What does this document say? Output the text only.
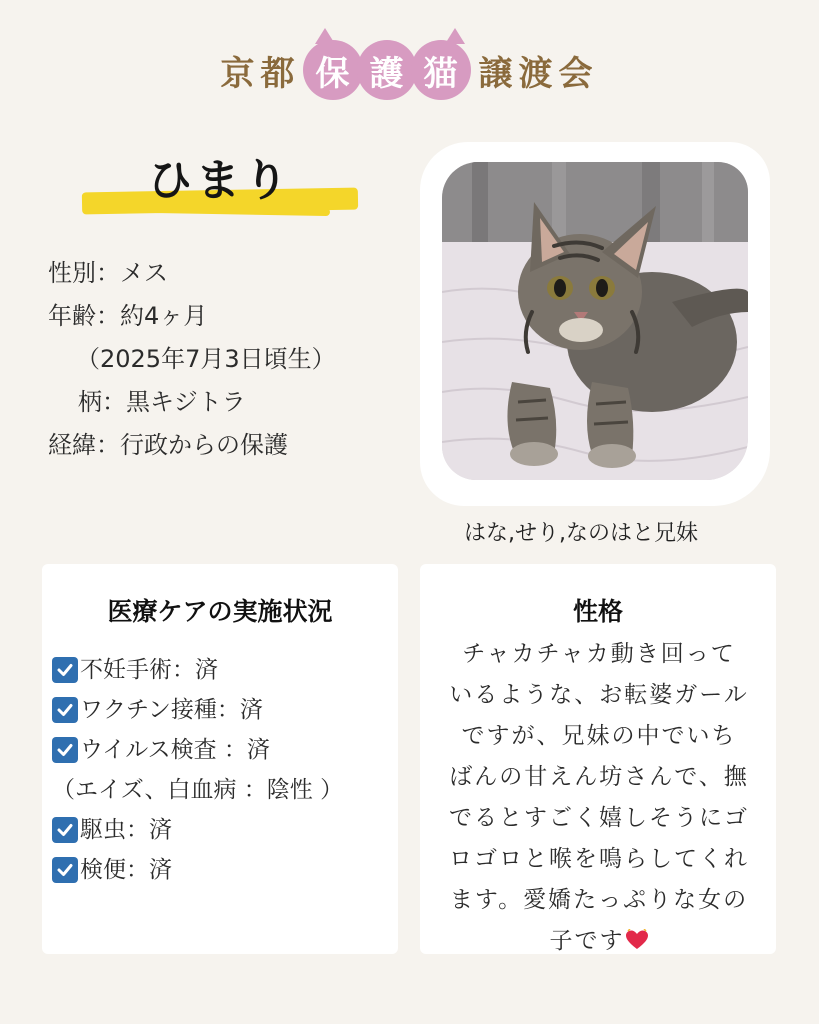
京都 保 護 猫 譲渡会
ひまり
性別：メス
年齢：約4ヶ月
（2025年7月3日頃生）
柄：黒キジトラ
経緯：行政からの保護
はな,せり,なのはと兄妹
医療ケアの実施状況
不妊手術：済
ワクチン接種：済
ウイルス検査 ：済
（エイズ、白血病 ：陰性 ）
駆虫：済
検便：済
性格
チャカチャカ動き回って
いるような、お転婆ガール
ですが、兄妹の中でいち
ばんの甘えん坊さんで、撫
でるとすごく嬉しそうにゴ
ロゴロと喉を鳴らしてくれ
ます。愛嬌たっぷりな女の
子です
